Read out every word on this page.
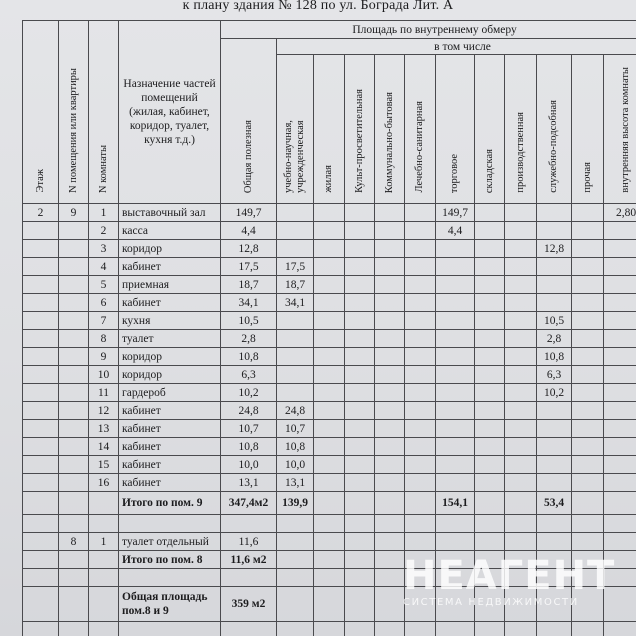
к плану здания № 128 по ул. Бограда Лит. А
Этаж	N помещения или квартиры	N комнаты	Назначение частей помещений (жилая, кабинет, коридор, туалет, кухня т.д.)	Площадь по внутреннему обмеру											

				Общая полезная	в том числе										

					учебно-научная, учрежденческая	жилая	Культ-просветительная	Коммунально-бытовая	Лечебно-санитарная	торговое	складская	производственная	служебно-подсобная	прочая	внутренняя высота комнаты

2	9	1	выставочный зал	149,7						149,7					2,80
		2	касса	4,4						4,4					
		3	коридор	12,8									12,8		
		4	кабинет	17,5	17,5										
		5	приемная	18,7	18,7										
		6	кабинет	34,1	34,1										
		7	кухня	10,5									10,5		
		8	туалет	2,8									2,8		
		9	коридор	10,8									10,8		
		10	коридор	6,3									6,3		
		11	гардероб	10,2									10,2		
		12	кабинет	24,8	24,8										
		13	кабинет	10,7	10,7										
		14	кабинет	10,8	10,8										
		15	кабинет	10,0	10,0										
		16	кабинет	13,1	13,1										
			Итого по пом. 9	347,4м2	139,9					154,1			53,4		

	8	1	туалет отдельный	11,6											
			Итого по пом. 8	11,6 м2											

			Общая площадь пом.8 и 9	359 м2											

НЕАГЕНТ
СИСТЕМА НЕДВИЖИМОСТИ
